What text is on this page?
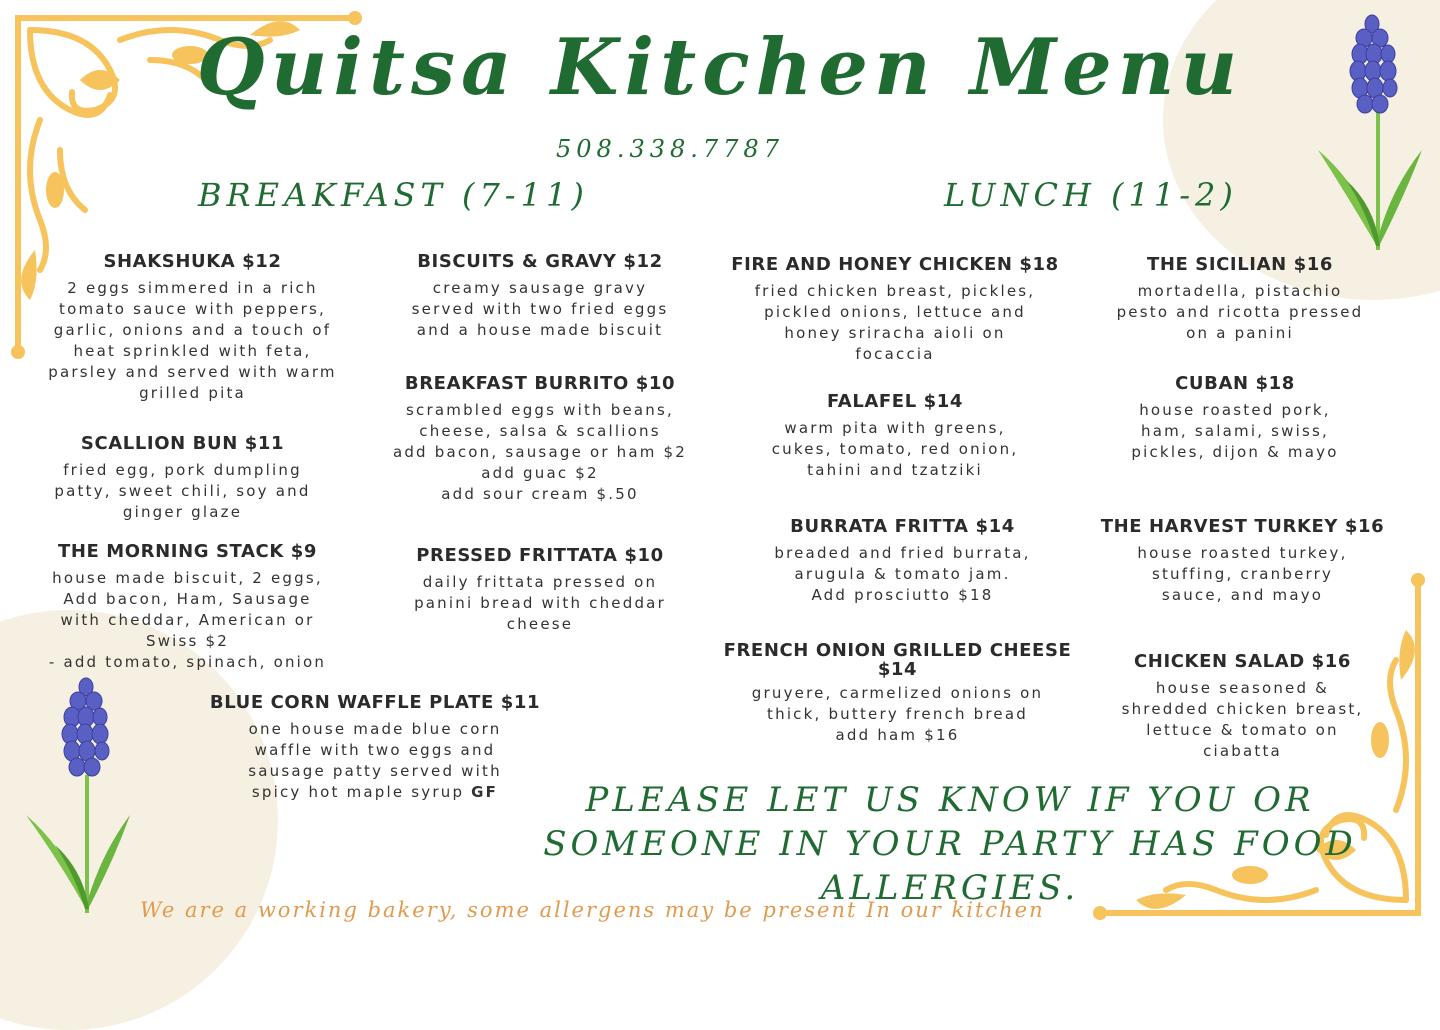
Quitsa Kitchen Menu
508.338.7787
BREAKFAST (7-11)	LUNCH (11-2)
SHAKSHUKA $12
2 eggs simmered in a rich
tomato sauce with peppers,
garlic, onions and a touch of
heat sprinkled with feta,
parsley and served with warm
grilled pita
SCALLION BUN $11
fried egg, pork dumpling
patty, sweet chili, soy and
ginger glaze
THE MORNING STACK $9
house made biscuit, 2 eggs,
Add bacon, Ham, Sausage
with cheddar, American or
Swiss $2
- add tomato, spinach, onion
BISCUITS & GRAVY $12
creamy sausage gravy
served with two fried eggs
and a house made biscuit
BREAKFAST BURRITO $10
scrambled eggs with beans,
cheese, salsa & scallions
add bacon, sausage or ham $2
add guac $2
add sour cream $.50
PRESSED FRITTATA $10
daily frittata pressed on
panini bread with cheddar
cheese
BLUE CORN WAFFLE PLATE $11
one house made blue corn
waffle with two eggs and
sausage patty served with
spicy hot maple syrup GF
FIRE AND HONEY CHICKEN $18
fried chicken breast, pickles,
pickled onions, lettuce and
honey sriracha aioli on
focaccia
FALAFEL $14
warm pita with greens,
cukes, tomato, red onion,
tahini and tzatziki
BURRATA FRITTA $14
breaded and fried burrata,
arugula & tomato jam.
Add prosciutto $18
FRENCH ONION GRILLED CHEESE $14
gruyere, carmelized onions on
thick, buttery french bread
add ham $16
THE SICILIAN $16
mortadella, pistachio
pesto and ricotta pressed
on a panini
CUBAN $18
house roasted pork,
ham, salami, swiss,
pickles, dijon & mayo
THE HARVEST TURKEY $16
house roasted turkey,
stuffing, cranberry
sauce, and mayo
CHICKEN SALAD $16
house seasoned &
shredded chicken breast,
lettuce & tomato on
ciabatta
PLEASE LET US KNOW IF YOU OR SOMEONE IN YOUR PARTY HAS FOOD ALLERGIES.
We are a working bakery, some allergens may be present In our kitchen
